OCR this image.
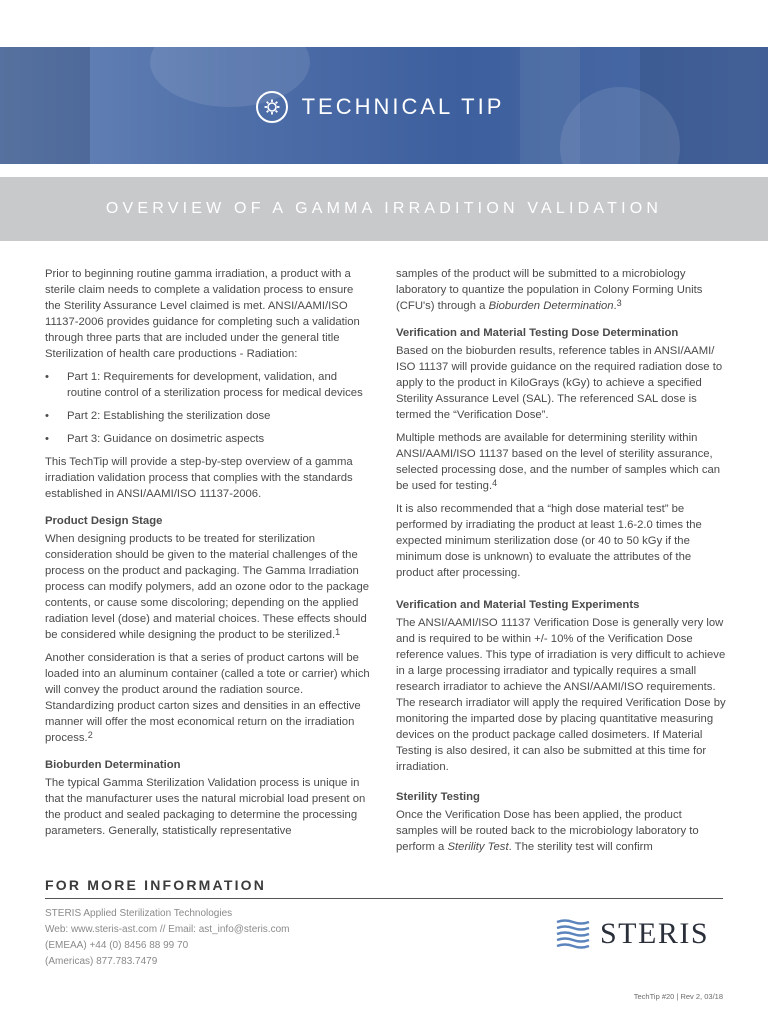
TECHNICAL TIP
OVERVIEW OF A GAMMA IRRADITION VALIDATION

Prior to beginning routine gamma irradiation, a product with a sterile claim needs to complete a validation process to ensure the Sterility Assurance Level claimed is met. ANSI/AAMI/ISO 11137-2006 provides guidance for completing such a validation through three parts that are included under the general title Sterilization of health care productions - Radiation:

• Part 1: Requirements for development, validation, and routine control of a sterilization process for medical devices
• Part 2: Establishing the sterilization dose
• Part 3: Guidance on dosimetric aspects

This TechTip will provide a step-by-step overview of a gamma irradiation validation process that complies with the standards established in ANSI/AAMI/ISO 11137-2006.

Product Design Stage

When designing products to be treated for sterilization consideration should be given to the material challenges of the process on the product and packaging. The Gamma Irradiation process can modify polymers, add an ozone odor to the package contents, or cause some discoloring; depending on the applied radiation level (dose) and material choices. These effects should be considered while designing the product to be sterilized.$^1$

Another consideration is that a series of product cartons will be loaded into an aluminum container (called a tote or carrier) which will convey the product around the radiation source. Standardizing product carton sizes and densities in an effective manner will offer the most economical return on the irradiation process.$^2$

Bioburden Determination

The typical Gamma Sterilization Validation process is unique in that the manufacturer uses the natural microbial load present on the product and sealed packaging to determine the processing parameters. Generally, statistically representative

samples of the product will be submitted to a microbiology laboratory to quantize the population in Colony Forming Units (CFU's) through a Bioburden Determination.$^3$

Verification and Material Testing Dose Determination

Based on the bioburden results, reference tables in ANSI/AAMI/ ISO 11137 will provide guidance on the required radiation dose to apply to the product in KiloGrays (kGy) to achieve a specified Sterility Assurance Level (SAL). The referenced SAL dose is termed the “Verification Dose”.

Multiple methods are available for determining sterility within ANSI/AAMI/ISO 11137 based on the level of sterility assurance, selected processing dose, and the number of samples which can be used for testing.$^4$

It is also recommended that a “high dose material test” be performed by irradiating the product at least 1.6-2.0 times the expected minimum sterilization dose (or 40 to 50 kGy if the minimum dose is unknown) to evaluate the attributes of the product after processing.

Verification and Material Testing Experiments

The ANSI/AAMI/ISO 11137 Verification Dose is generally very low and is required to be within +/- 10% of the Verification Dose reference values. This type of irradiation is very difficult to achieve in a large processing irradiator and typically requires a small research irradiator to achieve the ANSI/AAMI/ISO requirements. The research irradiator will apply the required Verification Dose by monitoring the imparted dose by placing quantitative measuring devices on the product package called dosimeters. If Material Testing is also desired, it can also be submitted at this time for irradiation.

Sterility Testing

Once the Verification Dose has been applied, the product samples will be routed back to the microbiology laboratory to perform a Sterility Test. The sterility test will confirm

FOR MORE INFORMATION
STERIS Applied Sterilization Technologies
Web: www.steris-ast.com // Email: ast_info@steris.com
(EMEAA) +44 (0) 8456 88 99 70
(Americas) 877.783.7479
STERIS
TechTip #20 | Rev 2, 03/18
